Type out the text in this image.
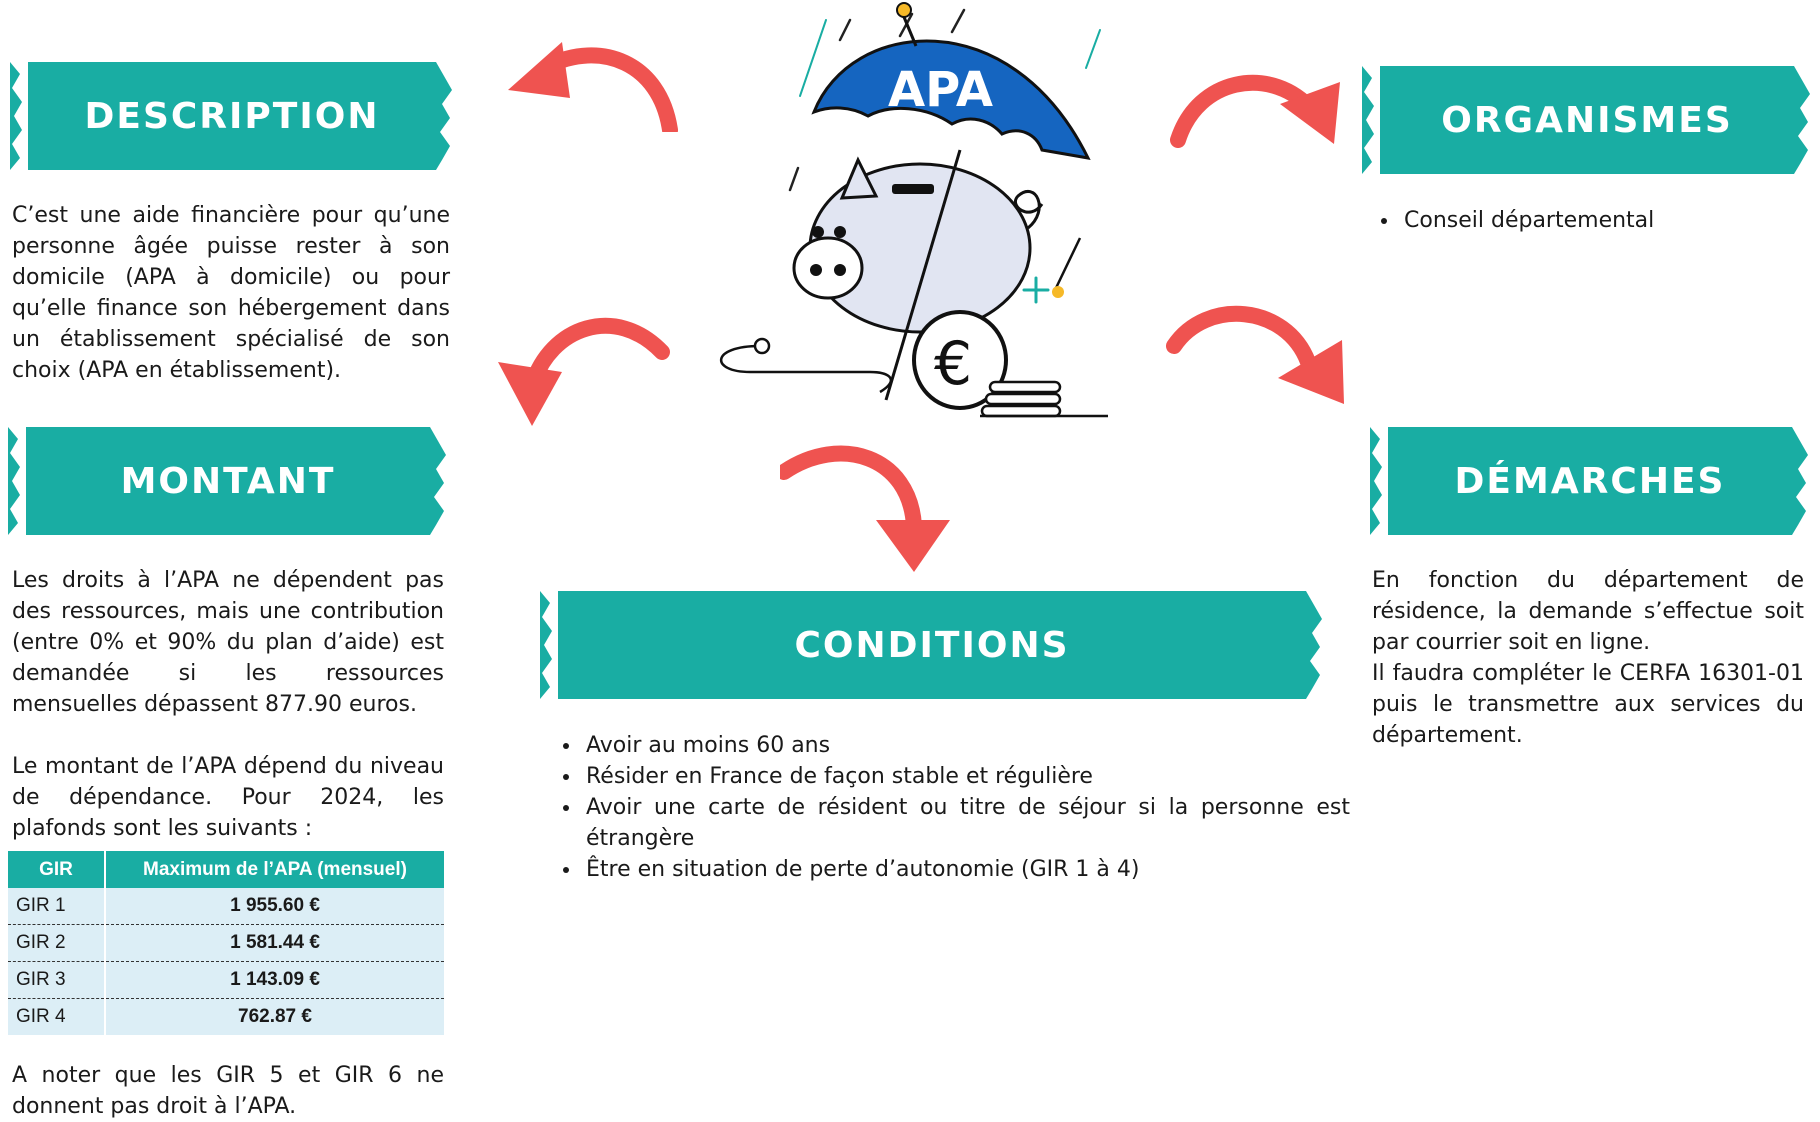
DESCRIPTION	ORGANISMES
MONTANT	DÉMARCHES
CONDITIONS

C’est une aide financière pour qu’une personne âgée puisse rester à son domicile (APA à domicile) ou pour qu’elle finance son hébergement dans un établissement spécialisé de son choix (APA en établissement).

• Conseil départemental

Les droits à l’APA ne dépendent pas des ressources, mais une contribution (entre 0% et 90% du plan d’aide) est demandée si les ressources mensuelles dépassent 877.90 euros.

Le montant de l’APA dépend du niveau de dépendance. Pour 2024, les plafonds sont les suivants :

GIR	Maximum de l’APA (mensuel)
GIR 1	1 955.60 €
GIR 2	1 581.44 €
GIR 3	1 143.09 €
GIR 4	762.87 €

A noter que les GIR 5 et GIR 6 ne donnent pas droit à l’APA.

En fonction du département de résidence, la demande s’effectue soit par courrier soit en ligne.

Il faudra compléter le CERFA 16301-01 puis le transmettre aux services du département.

• Avoir au moins 60 ans
• Résider en France de façon stable et régulière
• Avoir une carte de résident ou titre de séjour si la personne est étrangère
• Être en situation de perte d’autonomie (GIR 1 à 4)
APA
fiverr.
€
